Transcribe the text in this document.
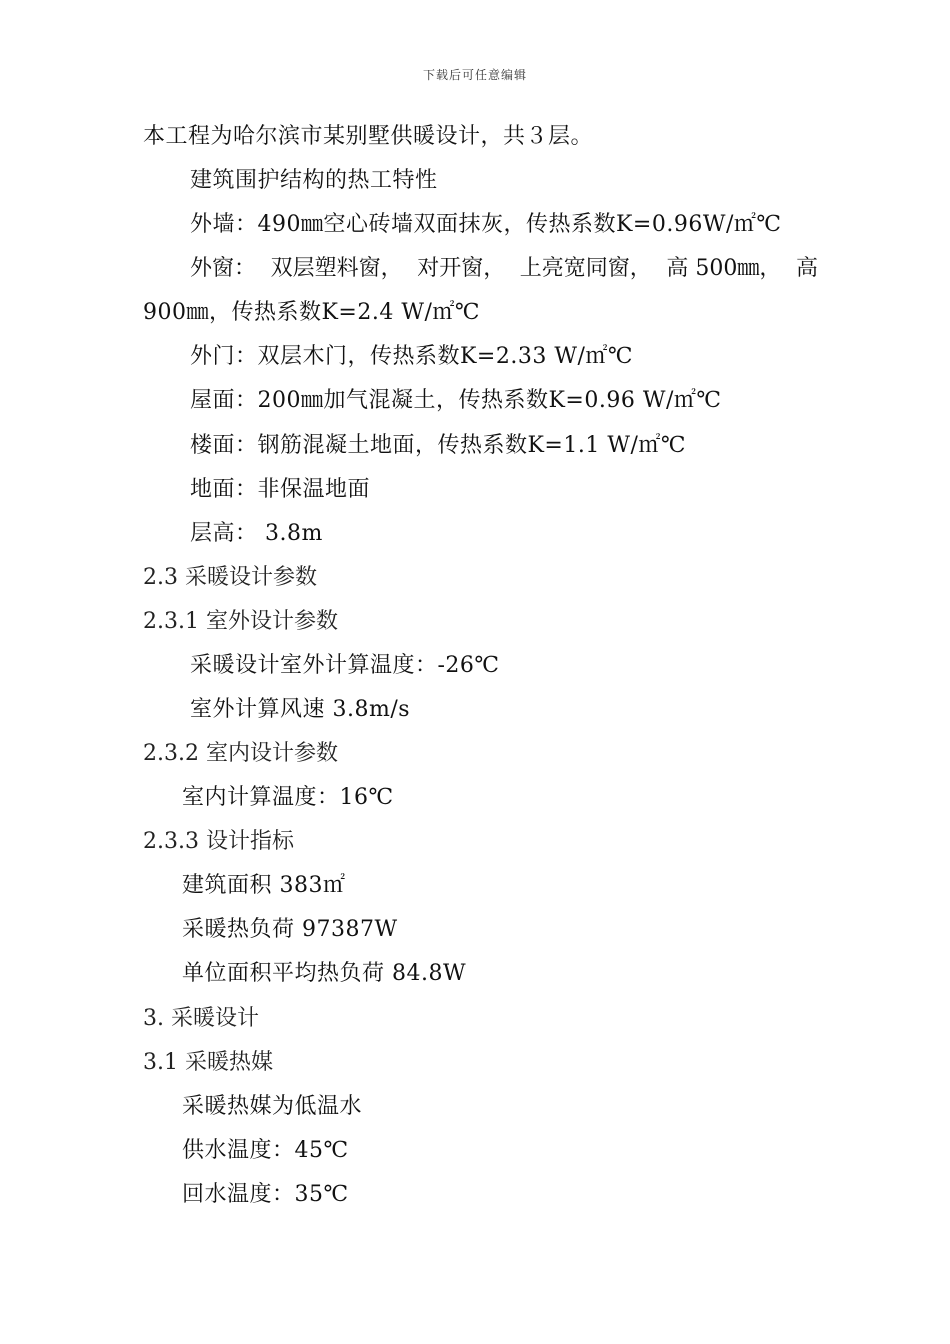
下载后可任意编辑
本工程为哈尔滨市某别墅供暖设计，共３层。
建筑围护结构的热工特性
外墙：490㎜空心砖墙双面抹灰，传热系数K=0.96W/㎡℃
外窗： 双层塑料窗， 对开窗， 上亮宽同窗， 高 500㎜， 高
900㎜，传热系数K=2.4 W/㎡℃
外门：双层木门，传热系数K=2.33 W/㎡℃
屋面：200㎜加气混凝土，传热系数K=0.96 W/㎡℃
楼面：钢筋混凝土地面，传热系数K=1.1 W/㎡℃
地面：非保温地面
层高： 3.8m
2.3 采暖设计参数
2.3.1 室外设计参数
采暖设计室外计算温度：-26℃
室外计算风速 3.8m/s
2.3.2 室内设计参数
室内计算温度：16℃
2.3.3 设计指标
建筑面积 383㎡
采暖热负荷 97387W
单位面积平均热负荷 84.8W
3. 采暖设计
3.1 采暖热媒
采暖热媒为低温水
供水温度：45℃
回水温度：35℃
